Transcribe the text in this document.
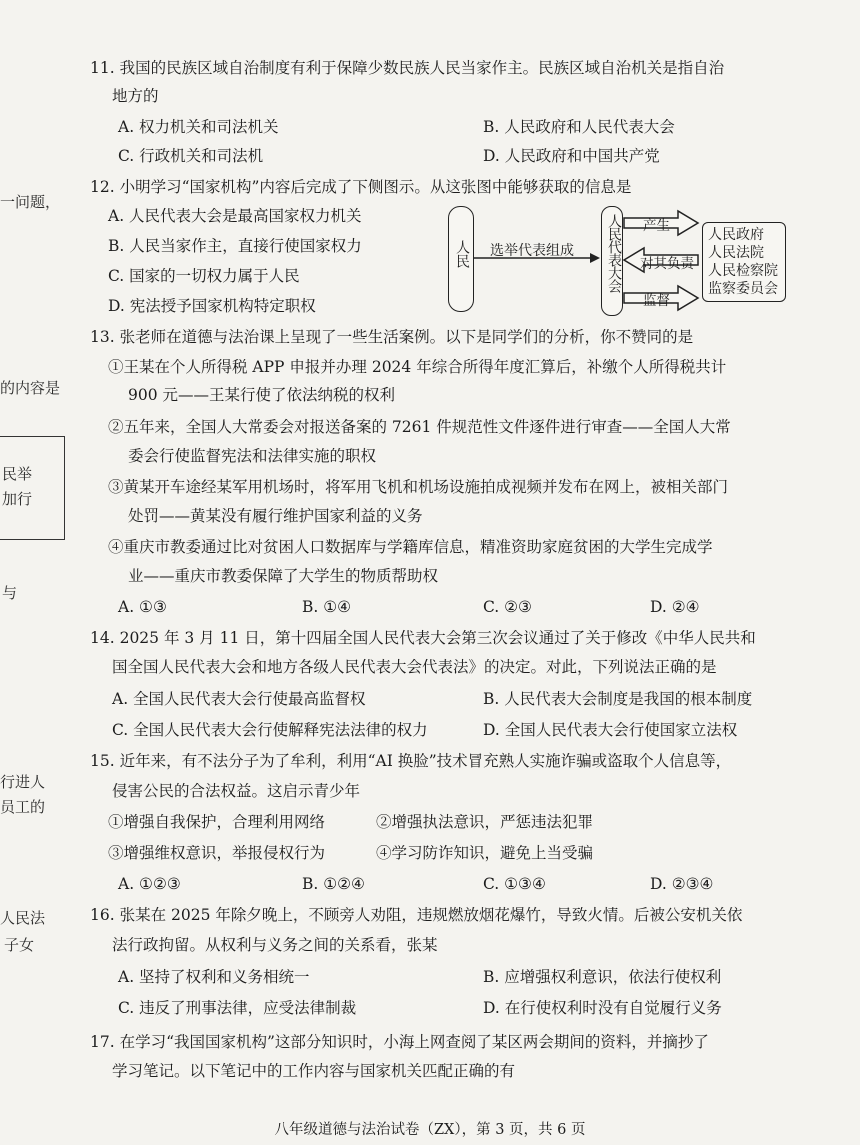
一问题，
的内容是
民举
加行
与
行进人
员工的
人民法
子女
11. 我国的民族区域自治制度有利于保障少数民族人民当家作主。民族区域自治机关是指自治
地方的
A. 权力机关和司法机关	B. 人民政府和人民代表大会
C. 行政机关和司法机	D. 人民政府和中国共产党
12. 小明学习“国家机构”内容后完成了下侧图示。从这张图中能够获取的信息是
A. 人民代表大会是最高国家权力机关
B. 人民当家作主，直接行使国家权力
C. 国家的一切权力属于人民
D. 宪法授予国家机构特定职权
人民 选举代表组成 人民代表大会 产生
对其负责
监督
人民政府
人民法院
人民检察院
监察委员会
13. 张老师在道德与法治课上呈现了一些生活案例。以下是同学们的分析，你不赞同的是
①王某在个人所得税 APP 申报并办理 2024 年综合所得年度汇算后，补缴个人所得税共计
900 元——王某行使了依法纳税的权利
②五年来，全国人大常委会对报送备案的 7261 件规范性文件逐件进行审查——全国人大常
委会行使监督宪法和法律实施的职权
③黄某开车途经某军用机场时，将军用飞机和机场设施拍成视频并发布在网上，被相关部门
处罚——黄某没有履行维护国家利益的义务
④重庆市教委通过比对贫困人口数据库与学籍库信息，精准资助家庭贫困的大学生完成学
业——重庆市教委保障了大学生的物质帮助权
A. ①③	B. ①④	C. ②③	D. ②④
14. 2025 年 3 月 11 日，第十四届全国人民代表大会第三次会议通过了关于修改《中华人民共和
国全国人民代表大会和地方各级人民代表大会代表法》的决定。对此，下列说法正确的是
A. 全国人民代表大会行使最高监督权	B. 人民代表大会制度是我国的根本制度
C. 全国人民代表大会行使解释宪法法律的权力	D. 全国人民代表大会行使国家立法权
15. 近年来，有不法分子为了牟利，利用“AI 换脸”技术冒充熟人实施诈骗或盗取个人信息等，
侵害公民的合法权益。这启示青少年
①增强自我保护，合理利用网络	②增强执法意识，严惩违法犯罪
③增强维权意识，举报侵权行为	④学习防诈知识，避免上当受骗
A. ①②③	B. ①②④	C. ①③④	D. ②③④
16. 张某在 2025 年除夕晚上，不顾旁人劝阻，违规燃放烟花爆竹，导致火情。后被公安机关依
法行政拘留。从权利与义务之间的关系看，张某
A. 坚持了权利和义务相统一	B. 应增强权利意识，依法行使权利
C. 违反了刑事法律，应受法律制裁	D. 在行使权利时没有自觉履行义务
17. 在学习“我国国家机构”这部分知识时，小海上网查阅了某区两会期间的资料，并摘抄了
学习笔记。以下笔记中的工作内容与国家机关匹配正确的有
八年级道德与法治试卷（ZX），第 3 页，共 6 页
